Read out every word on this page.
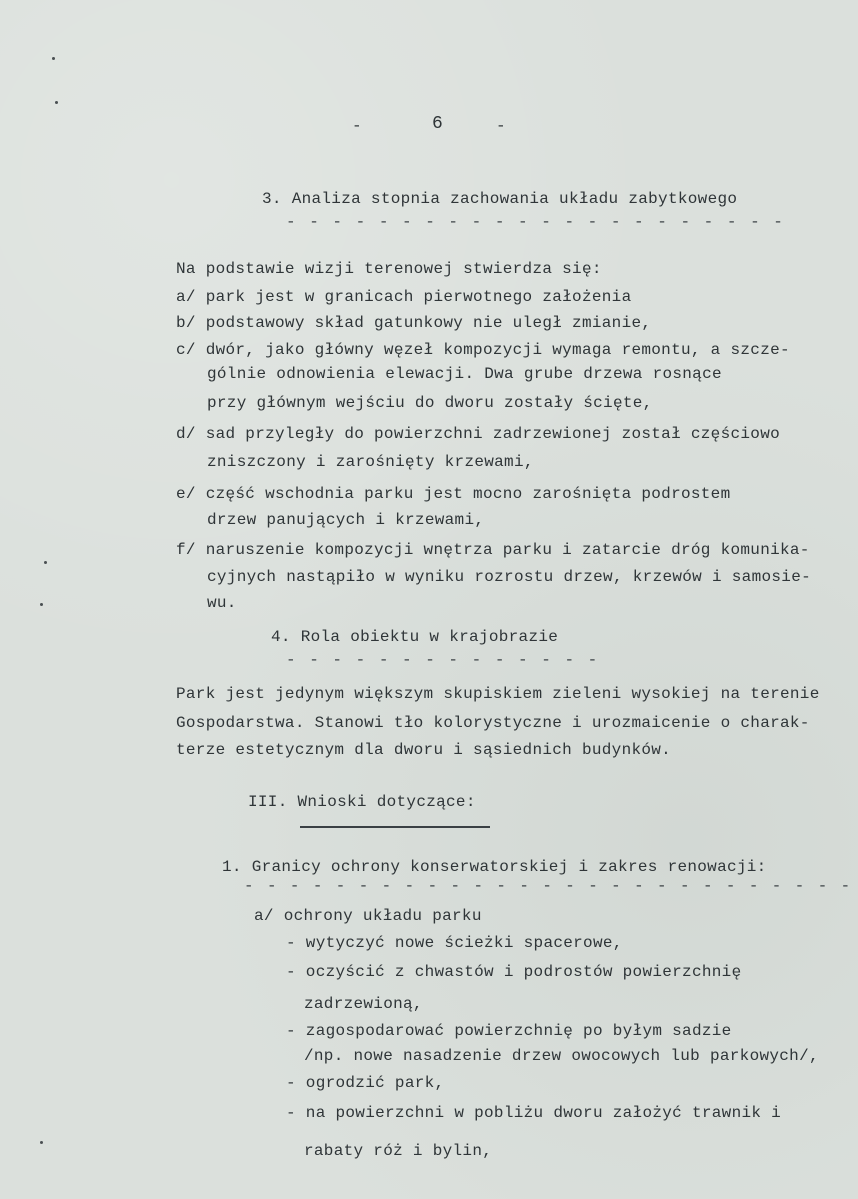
-	6	-
3. Analiza stopnia zachowania układu zabytkowego
- - - - - - - - - - - - - - - - - - - - - -
Na podstawie wizji terenowej stwierdza się:
a/ park jest w granicach pierwotnego założenia
b/ podstawowy skład gatunkowy nie uległ zmianie,
c/ dwór, jako główny węzeł kompozycji wymaga remontu, a szcze-
gólnie odnowienia elewacji. Dwa grube drzewa rosnące
przy głównym wejściu do dworu zostały ścięte,
d/ sad przyległy do powierzchni zadrzewionej został częściowo
zniszczony i zarośnięty krzewami,
e/ część wschodnia parku jest mocno zarośnięta podrostem
drzew panujących i krzewami,
f/ naruszenie kompozycji wnętrza parku i zatarcie dróg komunika-
cyjnych nastąpiło w wyniku rozrostu drzew, krzewów i samosie-
wu.
4. Rola obiektu w krajobrazie
- - - - - - - - - - - - - -
Park jest jedynym większym skupiskiem zieleni wysokiej na terenie
Gospodarstwa. Stanowi tło kolorystyczne i urozmaicenie o charak-
terze estetycznym dla dworu i sąsiednich budynków.
III. Wnioski dotyczące:
1. Granicy ochrony konserwatorskiej i zakres renowacji:
- - - - - - - - - - - - - - - - - - - - - - - - - - -
a/ ochrony układu parku
- wytyczyć nowe ścieżki spacerowe,
- oczyścić z chwastów i podrostów powierzchnię
zadrzewioną,
- zagospodarować powierzchnię po byłym sadzie
/np. nowe nasadzenie drzew owocowych lub parkowych/,
- ogrodzić park,
- na powierzchni w pobliżu dworu założyć trawnik i
rabaty róż i bylin,
